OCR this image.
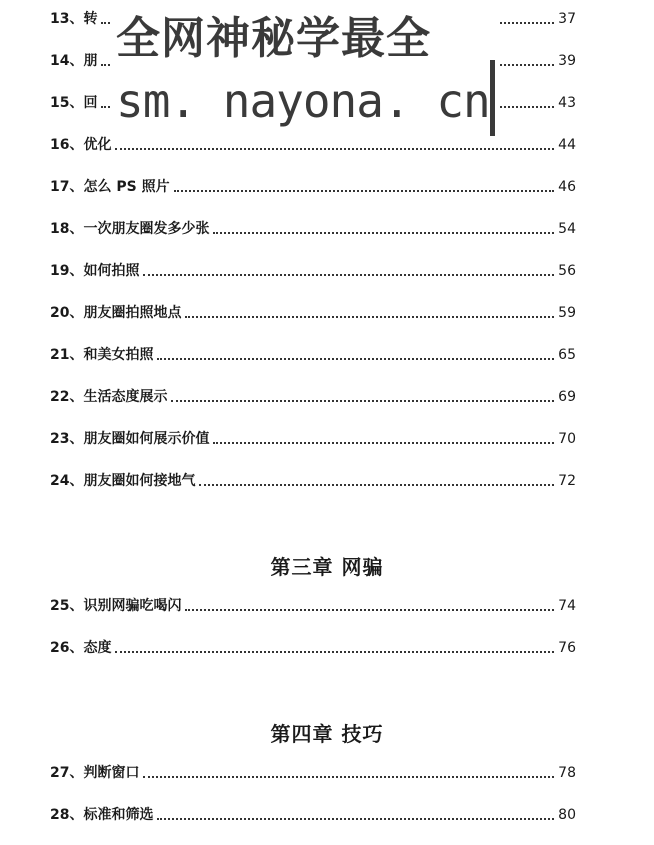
13、转	37
14、朋	39
15、回	43
16、优化	44
17、怎么 PS 照片	46
18、一次朋友圈发多少张	54
19、如何拍照	56
20、朋友圈拍照地点	59
21、和美女拍照	65
22、生活态度展示	69
23、朋友圈如何展示价值	70
24、朋友圈如何接地气	72
第三章 网骗
25、识别网骗吃喝闪	74
26、态度	76
第四章 技巧
27、判断窗口	78
28、标准和筛选	80
全网神秘学最全
sm. nayona. cn
